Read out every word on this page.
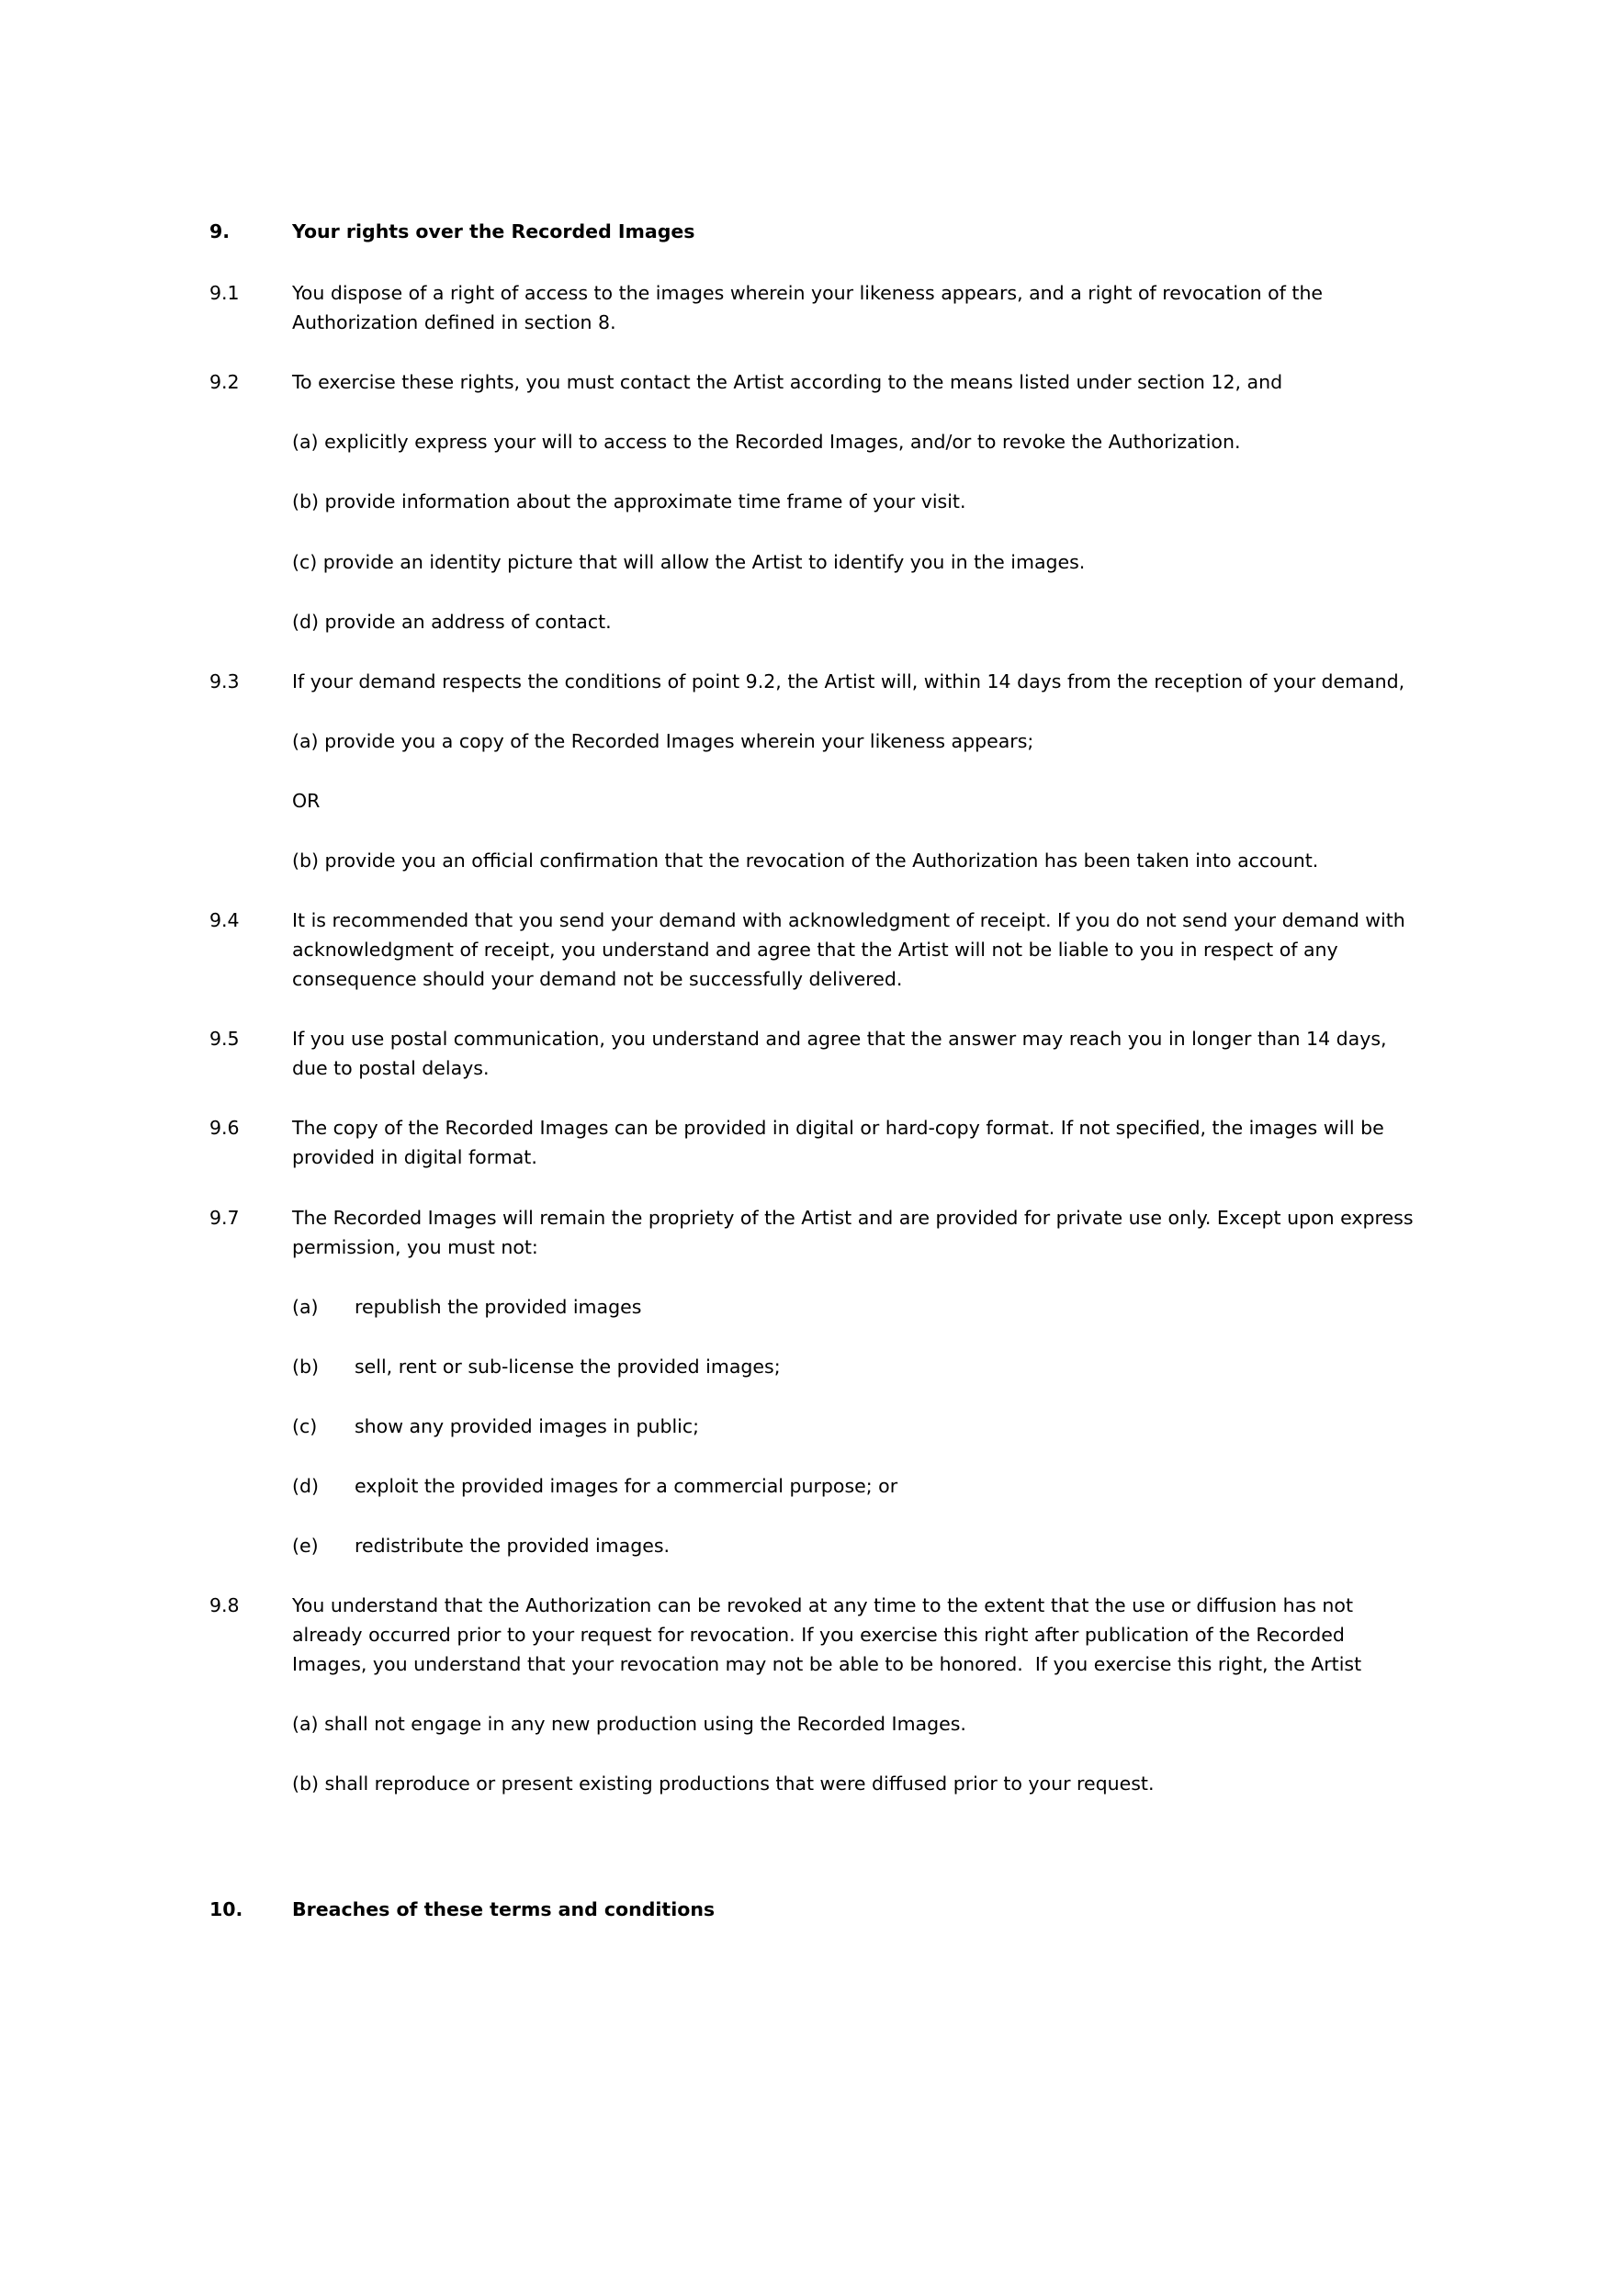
9.	Your rights over the Recorded Images
9.1	You dispose of a right of access to the images wherein your likeness appears, and a right of revocation of the Authorization defined in section 8.
9.2	To exercise these rights, you must contact the Artist according to the means listed under section 12, and

(a) explicitly express your will to access to the Recorded Images, and/or to revoke the Authorization.

(b) provide information about the approximate time frame of your visit.

(c) provide an identity picture that will allow the Artist to identify you in the images.

(d) provide an address of contact.

9.3	If your demand respects the conditions of point 9.2, the Artist will, within 14 days from the reception of your demand,

(a) provide you a copy of the Recorded Images wherein your likeness appears;

OR

(b) provide you an official confirmation that the revocation of the Authorization has been taken into account.

9.4	It is recommended that you send your demand with acknowledgment of receipt. If you do not send your demand with acknowledgment of receipt, you understand and agree that the Artist will not be liable to you in respect of any  consequence should your demand not be successfully delivered.
9.5	If you use postal communication, you understand and agree that the answer may reach you in longer than 14 days, due to postal delays.
9.6	The copy of the Recorded Images can be provided in digital or hard-copy format. If not specified, the images will be provided in digital format.
9.7	The Recorded Images will remain the propriety of the Artist and are provided for private use only. Except upon express permission, you must not:
(a)	republish the provided images
(b)	sell, rent or sub-license the provided images;
(c)	show any provided images in public;
(d)	exploit the provided images for a commercial purpose; or
(e)	redistribute the provided images.
9.8	You understand that the Authorization can be revoked at any time to the extent that the use or diffusion has not already occurred prior to your request for revocation. If you exercise this right after publication of the Recorded Images, you understand that your revocation may not be able to be honored.  If you exercise this right, the Artist

(a) shall not engage in any new production using the Recorded Images.

(b) shall reproduce or present existing productions that were diffused prior to your request.

10.	Breaches of these terms and conditions
